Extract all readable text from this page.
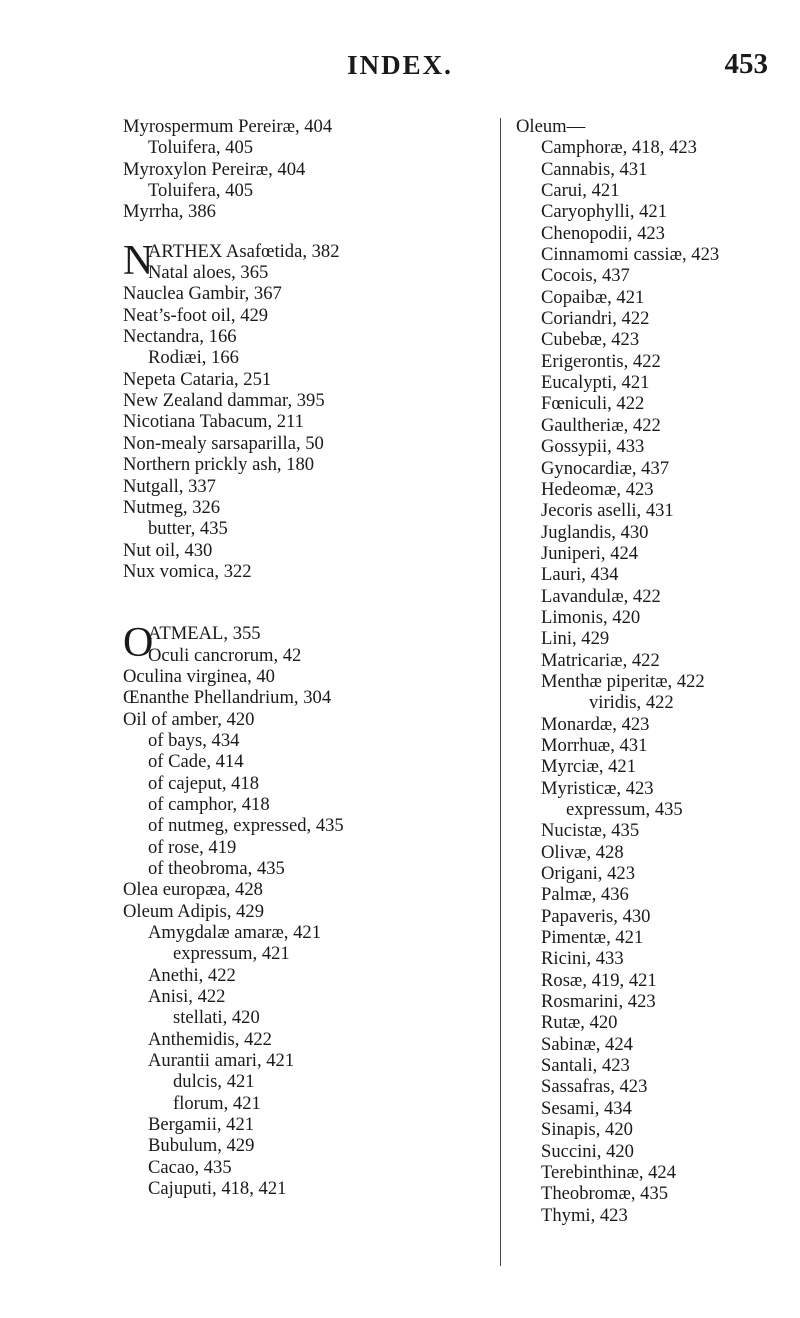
INDEX.	453
Myrospermum Pereiræ, 404
Toluifera, 405
Myroxylon Pereiræ, 404
Toluifera, 405
Myrrha, 386
N
ARTHEX Asafœtida, 382
Natal aloes, 365
Nauclea Gambir, 367
Neat’s-foot oil, 429
Nectandra, 166
Rodiæi, 166
Nepeta Cataria, 251
New Zealand dammar, 395
Nicotiana Tabacum, 211
Non-mealy sarsaparilla, 50
Northern prickly ash, 180
Nutgall, 337
Nutmeg, 326
butter, 435
Nut oil, 430
Nux vomica, 322
O
ATMEAL, 355
Oculi cancrorum, 42
Oculina virginea, 40
Œnanthe Phellandrium, 304
Oil of amber, 420
of bays, 434
of Cade, 414
of cajeput, 418
of camphor, 418
of nutmeg, expressed, 435
of rose, 419
of theobroma, 435
Olea europæa, 428
Oleum Adipis, 429
Amygdalæ amaræ, 421
expressum, 421
Anethi, 422
Anisi, 422
stellati, 420
Anthemidis, 422
Aurantii amari, 421
dulcis, 421
florum, 421
Bergamii, 421
Bubulum, 429
Cacao, 435
Cajuputi, 418, 421
Oleum—
Camphoræ, 418, 423
Cannabis, 431
Carui, 421
Caryophylli, 421
Chenopodii, 423
Cinnamomi cassiæ, 423
Cocois, 437
Copaibæ, 421
Coriandri, 422
Cubebæ, 423
Erigerontis, 422
Eucalypti, 421
Fœniculi, 422
Gaultheriæ, 422
Gossypii, 433
Gynocardiæ, 437
Hedeomæ, 423
Jecoris aselli, 431
Juglandis, 430
Juniperi, 424
Lauri, 434
Lavandulæ, 422
Limonis, 420
Lini, 429
Matricariæ, 422
Menthæ piperitæ, 422
viridis, 422
Monardæ, 423
Morrhuæ, 431
Myrciæ, 421
Myristicæ, 423
expressum, 435
Nucistæ, 435
Olivæ, 428
Origani, 423
Palmæ, 436
Papaveris, 430
Pimentæ, 421
Ricini, 433
Rosæ, 419, 421
Rosmarini, 423
Rutæ, 420
Sabinæ, 424
Santali, 423
Sassafras, 423
Sesami, 434
Sinapis, 420
Succini, 420
Terebinthinæ, 424
Theobromæ, 435
Thymi, 423
